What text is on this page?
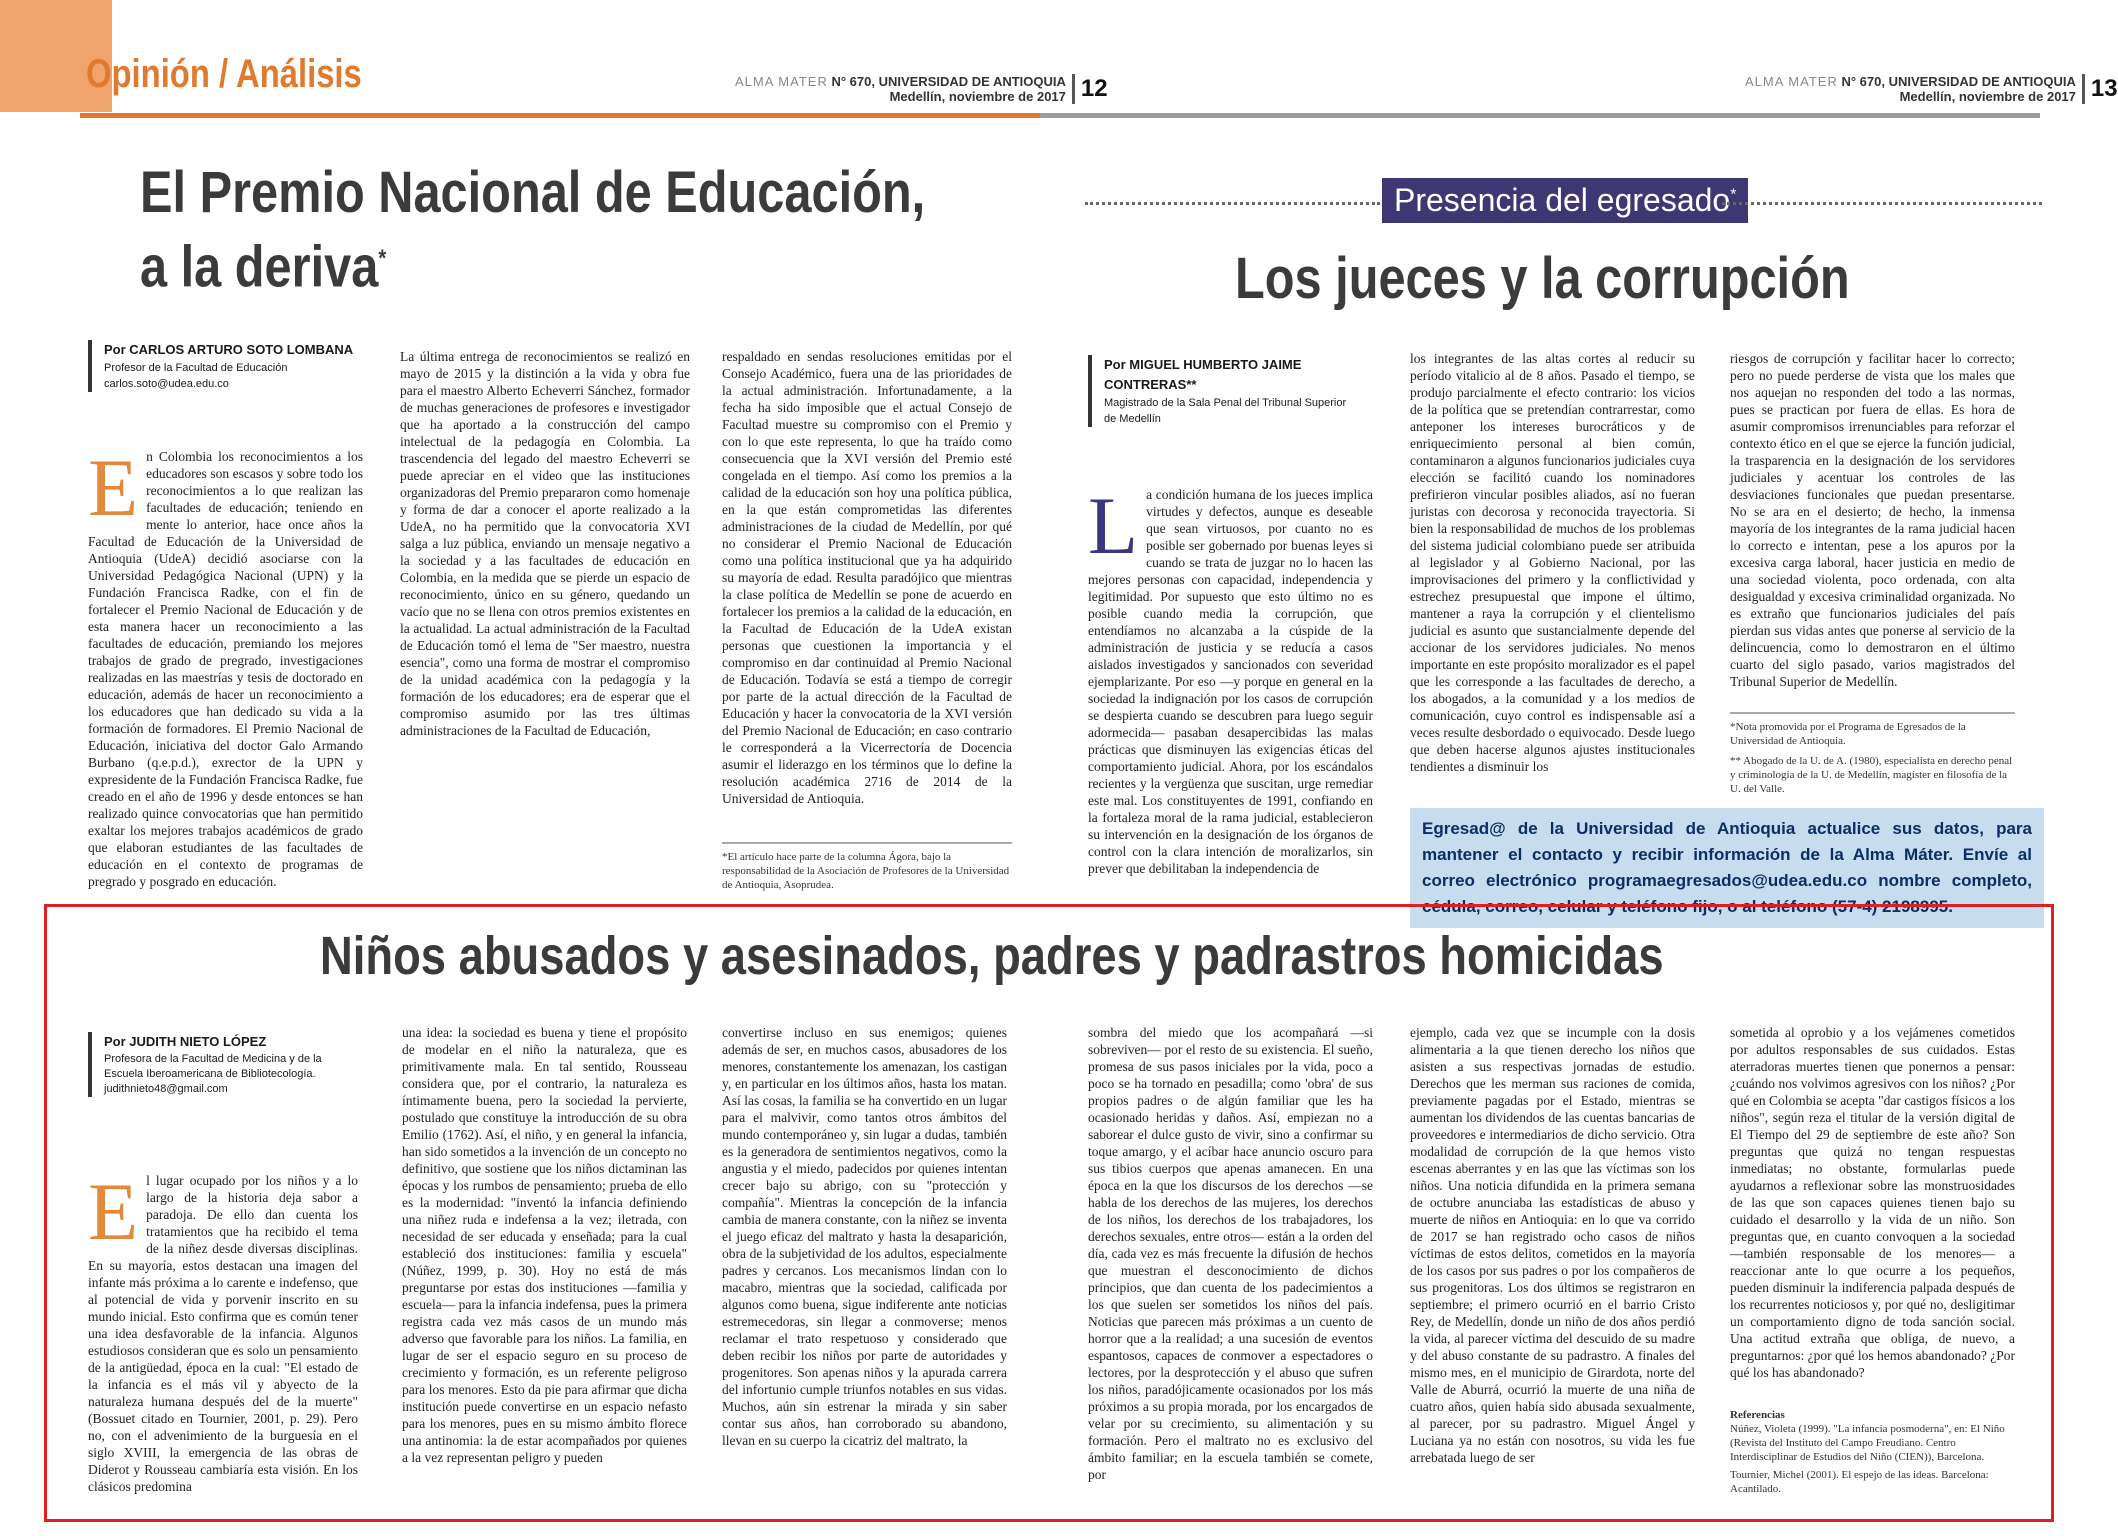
Opinión / Análisis	ALMA MATER N° 670, UNIVERSIDAD DE ANTIOQUIA
Medellín, noviembre de 2017 12	ALMA MATER N° 670, UNIVERSIDAD DE ANTIOQUIA
Medellín, noviembre de 2017 13
El Premio Nacional de Educación,
a la deriva*
Por CARLOS ARTURO SOTO LOMBANA
Profesor de la Facultad de Educación
carlos.soto@udea.edu.co
En Colombia los reconocimientos a los educadores son escasos y sobre todo los reconocimientos a lo que realizan las facultades de educación; teniendo en mente lo anterior, hace once años la Facultad de Educación de la Universidad de Antioquia (UdeA) decidió asociarse con la Universidad Pedagógica Nacional (UPN) y la Fundación Francisca Radke, con el fin de fortalecer el Premio Nacional de Educación y de esta manera hacer un reconocimiento a las facultades de educación, premiando los mejores trabajos de grado de pregrado, investigaciones realizadas en las maestrías y tesis de doctorado en educación, además de hacer un reconocimiento a los educadores que han dedicado su vida a la formación de formadores. El Premio Nacional de Educación, iniciativa del doctor Galo Armando Burbano (q.e.p.d.), exrector de la UPN y expresidente de la Fundación Francisca Radke, fue creado en el año de 1996 y desde entonces se han realizado quince convocatorias que han permitido exaltar los mejores trabajos académicos de grado que elaboran estudiantes de las facultades de educación en el contexto de programas de pregrado y posgrado en educación.
La última entrega de reconocimientos se realizó en mayo de 2015 y la distinción a la vida y obra fue para el maestro Alberto Echeverri Sánchez, formador de muchas generaciones de profesores e investigador que ha aportado a la construcción del campo intelectual de la pedagogía en Colombia. La trascendencia del legado del maestro Echeverri se puede apreciar en el video que las instituciones organizadoras del Premio prepararon como homenaje y forma de dar a conocer el aporte realizado a la UdeA, no ha permitido que la convocatoria XVI salga a luz pública, enviando un mensaje negativo a la sociedad y a las facultades de educación en Colombia, en la medida que se pierde un espacio de reconocimiento, único en su género, quedando un vacío que no se llena con otros premios existentes en la actualidad. La actual administración de la Facultad de Educación tomó el lema de "Ser maestro, nuestra esencia", como una forma de mostrar el compromiso de la unidad académica con la pedagogía y la formación de los educadores; era de esperar que el compromiso asumido por las tres últimas administraciones de la Facultad de Educación,
respaldado en sendas resoluciones emitidas por el Consejo Académico, fuera una de las prioridades de la actual administración. Infortunadamente, a la fecha ha sido imposible que el actual Consejo de Facultad muestre su compromiso con el Premio y con lo que este representa, lo que ha traído como consecuencia que la XVI versión del Premio esté congelada en el tiempo. Así como los premios a la calidad de la educación son hoy una política pública, en la que están comprometidas las diferentes administraciones de la ciudad de Medellín, por qué no considerar el Premio Nacional de Educación como una política institucional que ya ha adquirido su mayoría de edad. Resulta paradójico que mientras la clase política de Medellín se pone de acuerdo en fortalecer los premios a la calidad de la educación, en la Facultad de Educación de la UdeA existan personas que cuestionen la importancia y el compromiso en dar continuidad al Premio Nacional de Educación. Todavía se está a tiempo de corregir por parte de la actual dirección de la Facultad de Educación y hacer la convocatoria de la XVI versión del Premio Nacional de Educación; en caso contrario le corresponderá a la Vicerrectoría de Docencia asumir el liderazgo en los términos que lo define la resolución académica 2716 de 2014 de la Universidad de Antioquia.
*El artículo hace parte de la columna Ágora, bajo la responsabilidad de la Asociación de Profesores de la Universidad de Antioquia, Asoprudea.
Presencia del egresado*
Los jueces y la corrupción
Por MIGUEL HUMBERTO JAIME CONTRERAS**
Magistrado de la Sala Penal del Tribunal Superior de Medellín
La condición humana de los jueces implica virtudes y defectos, aunque es deseable que sean virtuosos, por cuanto no es posible ser gobernado por buenas leyes si cuando se trata de juzgar no lo hacen las mejores personas con capacidad, independencia y legitimidad. Por supuesto que esto último no es posible cuando media la corrupción, que entendíamos no alcanzaba a la cúspide de la administración de justicia y se reducía a casos aislados investigados y sancionados con severidad ejemplarizante. Por eso —y porque en general en la sociedad la indignación por los casos de corrupción se despierta cuando se descubren para luego seguir adormecida— pasaban desapercibidas las malas prácticas que disminuyen las exigencias éticas del comportamiento judicial. Ahora, por los escándalos recientes y la vergüenza que suscitan, urge remediar este mal. Los constituyentes de 1991, confiando en la fortaleza moral de la rama judicial, establecieron su intervención en la designación de los órganos de control con la clara intención de moralizarlos, sin prever que debilitaban la independencia de
los integrantes de las altas cortes al reducir su período vitalicio al de 8 años. Pasado el tiempo, se produjo parcialmente el efecto contrario: los vicios de la política que se pretendían contrarrestar, como anteponer los intereses burocráticos y de enriquecimiento personal al bien común, contaminaron a algunos funcionarios judiciales cuya elección se facilitó cuando los nominadores prefirieron vincular posibles aliados, así no fueran juristas con decorosa y reconocida trayectoria. Si bien la responsabilidad de muchos de los problemas del sistema judicial colombiano puede ser atribuida al legislador y al Gobierno Nacional, por las improvisaciones del primero y la conflictividad y estrechez presupuestal que impone el último, mantener a raya la corrupción y el clientelismo judicial es asunto que sustancialmente depende del accionar de los servidores judiciales. No menos importante en este propósito moralizador es el papel que les corresponde a las facultades de derecho, a los abogados, a la comunidad y a los medios de comunicación, cuyo control es indispensable así a veces resulte desbordado o equivocado. Desde luego que deben hacerse algunos ajustes institucionales tendientes a disminuir los
riesgos de corrupción y facilitar hacer lo correcto; pero no puede perderse de vista que los males que nos aquejan no responden del todo a las normas, pues se practican por fuera de ellas. Es hora de asumir compromisos irrenunciables para reforzar el contexto ético en el que se ejerce la función judicial, la trasparencia en la designación de los servidores judiciales y acentuar los controles de las desviaciones funcionales que puedan presentarse. No se ara en el desierto; de hecho, la inmensa mayoría de los integrantes de la rama judicial hacen lo correcto e intentan, pese a los apuros por la excesiva carga laboral, hacer justicia en medio de una sociedad violenta, poco ordenada, con alta desigualdad y excesiva criminalidad organizada. No es extraño que funcionarios judiciales del país pierdan sus vidas antes que ponerse al servicio de la delincuencia, como lo demostraron en el último cuarto del siglo pasado, varios magistrados del Tribunal Superior de Medellín.
*Nota promovida por el Programa de Egresados de la Universidad de Antioquia.
** Abogado de la U. de A. (1980), especialista en derecho penal y criminología de la U. de Medellín, magíster en filosofía de la U. del Valle.
Egresad@ de la Universidad de Antioquia actualice sus datos, para mantener el contacto y recibir información de la Alma Máter. Envíe al correo electrónico programaegresados@udea.edu.co nombre completo, cédula, correo, celular y teléfono fijo, o al teléfono (57-4) 2198995.
Niños abusados y asesinados, padres y padrastros homicidas
Por JUDITH NIETO LÓPEZ
Profesora de la Facultad de Medicina y de la Escuela Iberoamericana de Bibliotecología.
judithnieto48@gmail.com
El lugar ocupado por los niños y a lo largo de la historia deja sabor a paradoja. De ello dan cuenta los tratamientos que ha recibido el tema de la niñez desde diversas disciplinas. En su mayoría, estos destacan una imagen del infante más próxima a lo carente e indefenso, que al potencial de vida y porvenir inscrito en su mundo inicial. Esto confirma que es común tener una idea desfavorable de la infancia. Algunos estudiosos consideran que es solo un pensamiento de la antigüedad, época en la cual: "El estado de la infancia es el más vil y abyecto de la naturaleza humana después del de la muerte" (Bossuet citado en Tournier, 2001, p. 29). Pero no, con el advenimiento de la burguesía en el siglo XVIII, la emergencia de las obras de Diderot y Rousseau cambiaría esta visión. En los clásicos predomina
una idea: la sociedad es buena y tiene el propósito de modelar en el niño la naturaleza, que es primitivamente mala. En tal sentido, Rousseau considera que, por el contrario, la naturaleza es íntimamente buena, pero la sociedad la pervierte, postulado que constituye la introducción de su obra Emilio (1762). Así, el niño, y en general la infancia, han sido sometidos a la invención de un concepto no definitivo, que sostiene que los niños dictaminan las épocas y los rumbos de pensamiento; prueba de ello es la modernidad: "inventó la infancia definiendo una niñez ruda e indefensa a la vez; iletrada, con necesidad de ser educada y enseñada; para la cual estableció dos instituciones: familia y escuela" (Núñez, 1999, p. 30). Hoy no está de más preguntarse por estas dos instituciones —familia y escuela— para la infancia indefensa, pues la primera registra cada vez más casos de un mundo más adverso que favorable para los niños. La familia, en lugar de ser el espacio seguro en su proceso de crecimiento y formación, es un referente peligroso para los menores. Esto da pie para afirmar que dicha institución puede convertirse en un espacio nefasto para los menores, pues en su mismo ámbito florece una antinomia: la de estar acompañados por quienes a la vez representan peligro y pueden
convertirse incluso en sus enemigos; quienes además de ser, en muchos casos, abusadores de los menores, constantemente los amenazan, los castigan y, en particular en los últimos años, hasta los matan. Así las cosas, la familia se ha convertido en un lugar para el malvivir, como tantos otros ámbitos del mundo contemporáneo y, sin lugar a dudas, también es la generadora de sentimientos negativos, como la angustia y el miedo, padecidos por quienes intentan crecer bajo su abrigo, con su "protección y compañía". Mientras la concepción de la infancia cambia de manera constante, con la niñez se inventa el juego eficaz del maltrato y hasta la desaparición, obra de la subjetividad de los adultos, especialmente padres y cercanos. Los mecanismos lindan con lo macabro, mientras que la sociedad, calificada por algunos como buena, sigue indiferente ante noticias estremecedoras, sin llegar a conmoverse; menos reclamar el trato respetuoso y considerado que deben recibir los niños por parte de autoridades y progenitores. Son apenas niños y la apurada carrera del infortunio cumple triunfos notables en sus vidas. Muchos, aún sin estrenar la mirada y sin saber contar sus años, han corroborado su abandono, llevan en su cuerpo la cicatriz del maltrato, la
sombra del miedo que los acompañará —si sobreviven— por el resto de su existencia. El sueño, promesa de sus pasos iniciales por la vida, poco a poco se ha tornado en pesadilla; como 'obra' de sus propios padres o de algún familiar que les ha ocasionado heridas y daños. Así, empiezan no a saborear el dulce gusto de vivir, sino a confirmar su toque amargo, y el acíbar hace anuncio oscuro para sus tibios cuerpos que apenas amanecen. En una época en la que los discursos de los derechos —se habla de los derechos de las mujeres, los derechos de los niños, los derechos de los trabajadores, los derechos sexuales, entre otros— están a la orden del día, cada vez es más frecuente la difusión de hechos que muestran el desconocimiento de dichos principios, que dan cuenta de los padecimientos a los que suelen ser sometidos los niños del país. Noticias que parecen más próximas a un cuento de horror que a la realidad; a una sucesión de eventos espantosos, capaces de conmover a espectadores o lectores, por la desprotección y el abuso que sufren los niños, paradójicamente ocasionados por los más próximos a su propia morada, por los encargados de velar por su crecimiento, su alimentación y su formación. Pero el maltrato no es exclusivo del ámbito familiar; en la escuela también se comete, por
ejemplo, cada vez que se incumple con la dosis alimentaria a la que tienen derecho los niños que asisten a sus respectivas jornadas de estudio. Derechos que les merman sus raciones de comida, previamente pagadas por el Estado, mientras se aumentan los dividendos de las cuentas bancarias de proveedores e intermediarios de dicho servicio. Otra modalidad de corrupción de la que hemos visto escenas aberrantes y en las que las víctimas son los niños. Una noticia difundida en la primera semana de octubre anunciaba las estadísticas de abuso y muerte de niños en Antioquia: en lo que va corrido de 2017 se han registrado ocho casos de niños víctimas de estos delitos, cometidos en la mayoría de los casos por sus padres o por los compañeros de sus progenitoras. Los dos últimos se registraron en septiembre; el primero ocurrió en el barrio Cristo Rey, de Medellín, donde un niño de dos años perdió la vida, al parecer víctima del descuido de su madre y del abuso constante de su padrastro. A finales del mismo mes, en el municipio de Girardota, norte del Valle de Aburrá, ocurrió la muerte de una niña de cuatro años, quien había sido abusada sexualmente, al parecer, por su padrastro. Miguel Ángel y Luciana ya no están con nosotros, su vida les fue arrebatada luego de ser
sometida al oprobio y a los vejámenes cometidos por adultos responsables de sus cuidados. Estas aterradoras muertes tienen que ponernos a pensar: ¿cuándo nos volvimos agresivos con los niños? ¿Por qué en Colombia se acepta "dar castigos físicos a los niños", según reza el titular de la versión digital de El Tiempo del 29 de septiembre de este año? Son preguntas que quizá no tengan respuestas inmediatas; no obstante, formularlas puede ayudarnos a reflexionar sobre las monstruosidades de las que son capaces quienes tienen bajo su cuidado el desarrollo y la vida de un niño. Son preguntas que, en cuanto convoquen a la sociedad —también responsable de los menores— a reaccionar ante lo que ocurre a los pequeños, pueden disminuir la indiferencia palpada después de los recurrentes noticiosos y, por qué no, desligitimar un comportamiento digno de toda sanción social. Una actitud extraña que obliga, de nuevo, a preguntarnos: ¿por qué los hemos abandonado? ¿Por qué los has abandonado?
Referencias
Núñez, Violeta (1999). "La infancia posmoderna", en: El Niño (Revista del Instituto del Campo Freudiano. Centro Interdisciplinar de Estudios del Niño (CIEN)), Barcelona.
Tournier, Michel (2001). El espejo de las ideas. Barcelona: Acantilado.
